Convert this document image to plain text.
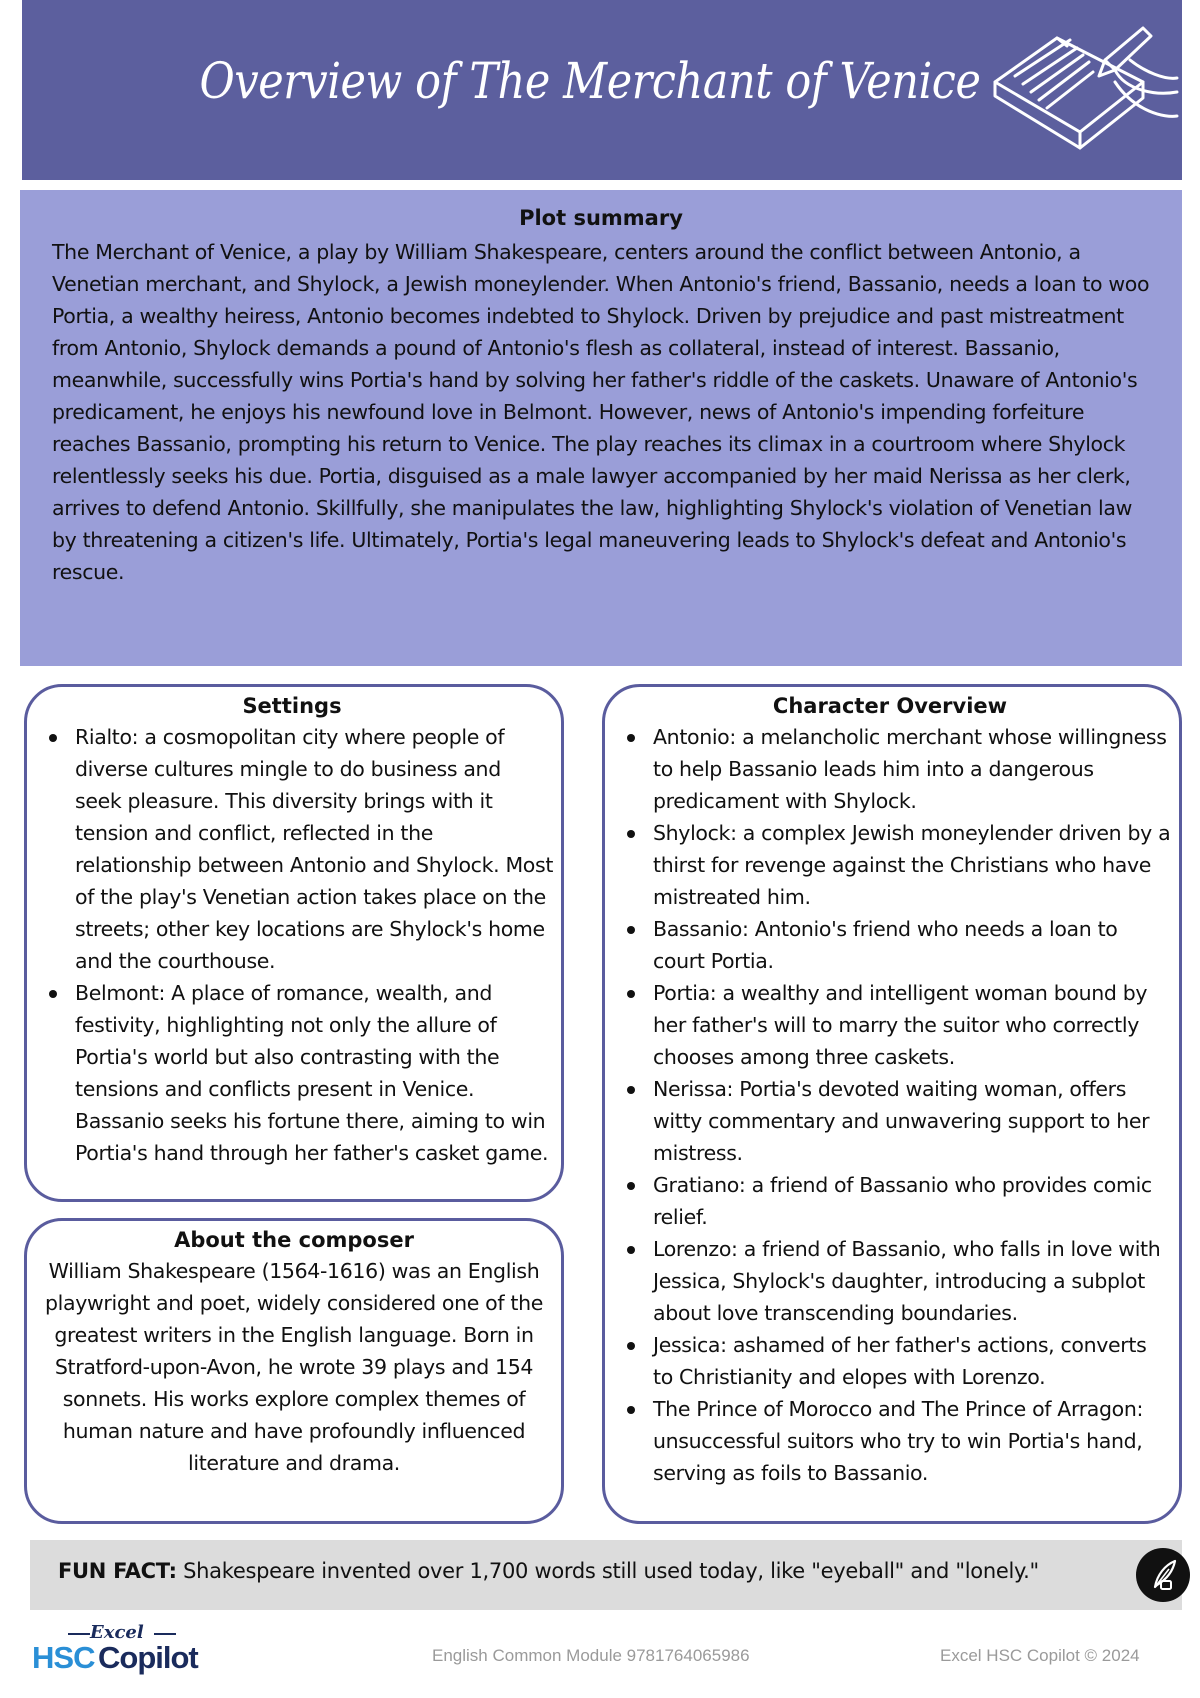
Overview of The Merchant of Venice
Plot summary
The Merchant of Venice, a play by William Shakespeare, centers around the conflict between Antonio, a Venetian merchant, and Shylock, a Jewish moneylender. When Antonio's friend, Bassanio, needs a loan to woo Portia, a wealthy heiress, Antonio becomes indebted to Shylock. Driven by prejudice and past mistreatment from Antonio, Shylock demands a pound of Antonio's flesh as collateral, instead of interest. Bassanio, meanwhile, successfully wins Portia's hand by solving her father's riddle of the caskets. Unaware of Antonio's predicament, he enjoys his newfound love in Belmont. However, news of Antonio's impending forfeiture reaches Bassanio, prompting his return to Venice. The play reaches its climax in a courtroom where Shylock relentlessly seeks his due. Portia, disguised as a male lawyer accompanied by her maid Nerissa as her clerk, arrives to defend Antonio. Skillfully, she manipulates the law, highlighting Shylock's violation of Venetian law by threatening a citizen's life. Ultimately, Portia's legal maneuvering leads to Shylock's defeat and Antonio's rescue.
Settings
Rialto: a cosmopolitan city where people of diverse cultures mingle to do business and seek pleasure. This diversity brings with it tension and conflict, reflected in the relationship between Antonio and Shylock. Most of the play's Venetian action takes place on the streets; other key locations are Shylock's home and the courthouse.
Belmont: A place of romance, wealth, and festivity, highlighting not only the allure of Portia's world but also contrasting with the tensions and conflicts present in Venice. Bassanio seeks his fortune there, aiming to win Portia's hand through her father's casket game.
About the composer
William Shakespeare (1564-1616) was an English playwright and poet, widely considered one of the greatest writers in the English language. Born in Stratford-upon-Avon, he wrote 39 plays and 154 sonnets. His works explore complex themes of human nature and have profoundly influenced literature and drama.
Character Overview
Antonio: a melancholic merchant whose willingness to help Bassanio leads him into a dangerous predicament with Shylock.
Shylock: a complex Jewish moneylender driven by a thirst for revenge against the Christians who have mistreated him.
Bassanio: Antonio's friend who needs a loan to court Portia.
Portia: a wealthy and intelligent woman bound by her father's will to marry the suitor who correctly chooses among three caskets.
Nerissa: Portia's devoted waiting woman, offers witty commentary and unwavering support to her mistress.
Gratiano: a friend of Bassanio who provides comic relief.
Lorenzo: a friend of Bassanio, who falls in love with Jessica, Shylock's daughter, introducing a subplot about love transcending boundaries.
Jessica: ashamed of her father's actions, converts to Christianity and elopes with Lorenzo.
The Prince of Morocco and The Prince of Arragon: unsuccessful suitors who try to win Portia's hand, serving as foils to Bassanio.
FUN FACT: Shakespeare invented over 1,700 words still used today, like "eyeball" and "lonely."
Excel
HSC Copilot	English Common Module 9781764065986	Excel HSC Copilot © 2024
